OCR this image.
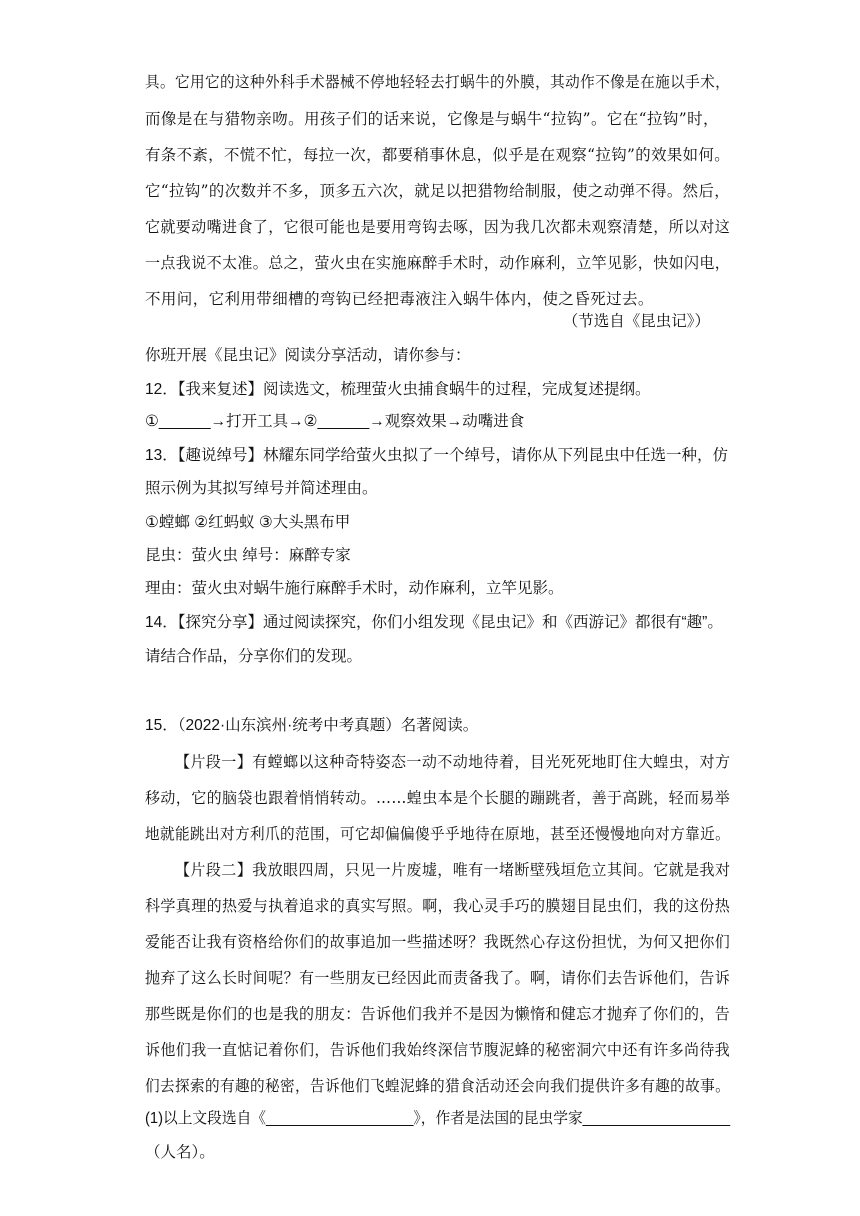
具。它用它的这种外科手术器械不停地轻轻去打蜗牛的外膜，其动作不像是在施以手术，
而像是在与猎物亲吻。用孩子们的话来说，它像是与蜗牛“拉钩”。它在“拉钩”时，
有条不紊，不慌不忙，每拉一次，都要稍事休息，似乎是在观察“拉钩”的效果如何。
它“拉钩”的次数并不多，顶多五六次，就足以把猎物给制服，使之动弹不得。然后，
它就要动嘴进食了，它很可能也是要用弯钩去啄，因为我几次都未观察清楚，所以对这
一点我说不太准。总之，萤火虫在实施麻醉手术时，动作麻利，立竿见影，快如闪电，
不用问，它利用带细槽的弯钩已经把毒液注入蜗牛体内，使之昏死过去。
（节选自《昆虫记》）
你班开展《昆虫记》阅读分享活动，请你参与：
12．【我来复述】阅读选文，梳理萤火虫捕食蜗牛的过程，完成复述提纲。
①______→打开工具→②______→观察效果→动嘴进食
13．【趣说绰号】林耀东同学给萤火虫拟了一个绰号，请你从下列昆虫中任选一种，仿
照示例为其拟写绰号并简述理由。
①螳螂 ②红蚂蚁 ③大头黑布甲
昆虫：萤火虫 绰号：麻醉专家
理由：萤火虫对蜗牛施行麻醉手术时，动作麻利，立竿见影。
14．【探究分享】通过阅读探究，你们小组发现《昆虫记》和《西游记》都很有“趣”。
请结合作品，分享你们的发现。
15．（2022·山东滨州·统考中考真题）名著阅读。
【片段一】有螳螂以这种奇特姿态一动不动地待着，目光死死地盯住大蝗虫，对方
移动，它的脑袋也跟着悄悄转动。……蝗虫本是个长腿的蹦跳者，善于高跳，轻而易举
地就能跳出对方利爪的范围，可它却偏偏傻乎乎地待在原地，甚至还慢慢地向对方靠近。
【片段二】我放眼四周，只见一片废墟，唯有一堵断壁残垣危立其间。它就是我对
科学真理的热爱与执着追求的真实写照。啊，我心灵手巧的膜翅目昆虫们，我的这份热
爱能否让我有资格给你们的故事追加一些描述呀？我既然心存这份担忧，为何又把你们
抛弃了这么长时间呢？有一些朋友已经因此而责备我了。啊，请你们去告诉他们，告诉
那些既是你们的也是我的朋友：告诉他们我并不是因为懒惰和健忘才抛弃了你们的，告
诉他们我一直惦记着你们，告诉他们我始终深信节腹泥蜂的秘密洞穴中还有许多尚待我
们去探索的有趣的秘密，告诉他们飞蝗泥蜂的猎食活动还会向我们提供许多有趣的故事。
(1)以上文段选自《__________________》，作者是法国的昆虫学家__________________
（人名）。
